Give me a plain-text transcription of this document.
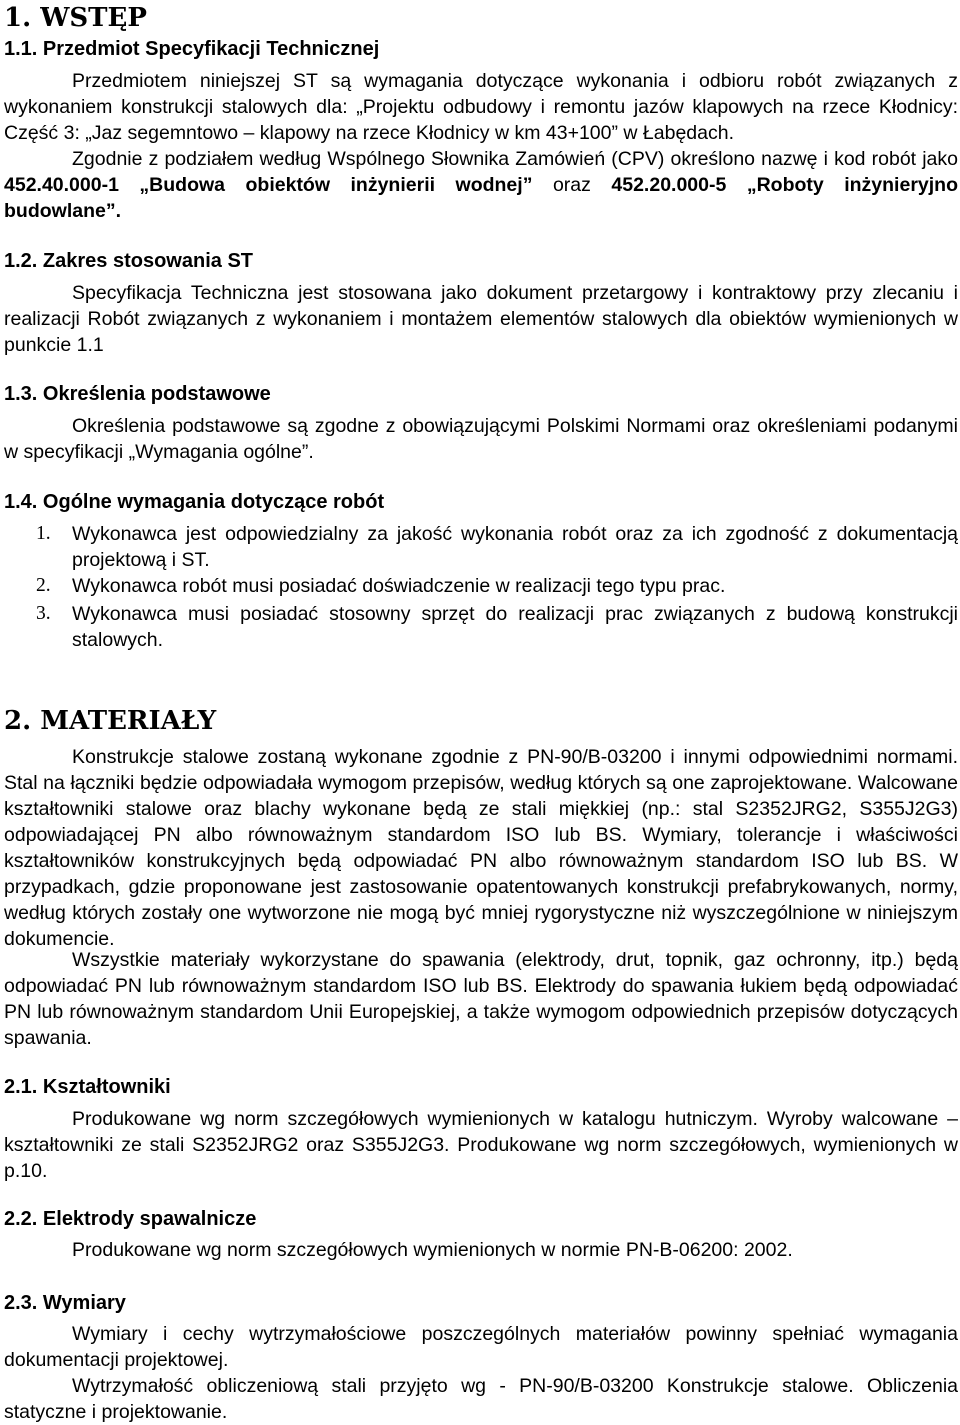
1. WSTĘP
1.1. Przedmiot Specyfikacji Technicznej

Przedmiotem niniejszej ST są wymagania dotyczące wykonania i odbioru robót związanych z wykonaniem konstrukcji stalowych dla: „Projektu odbudowy i remontu jazów klapowych na rzece Kłodnicy: Część 3: „Jaz segemntowo – klapowy na rzece Kłodnicy w km 43+100” w Łabędach.

Zgodnie z podziałem według Wspólnego Słownika Zamówień (CPV) określono nazwę i kod robót jako 452.40.000-1 „Budowa obiektów inżynierii wodnej” oraz 452.20.000-5 „Roboty inżynieryjno budowlane”.

1.2. Zakres stosowania ST

Specyfikacja Techniczna jest stosowana jako dokument przetargowy i kontraktowy przy zlecaniu i realizacji Robót związanych z wykonaniem i montażem elementów stalowych dla obiektów wymienionych w punkcie 1.1

1.3. Określenia podstawowe

Określenia podstawowe są zgodne z obowiązującymi Polskimi Normami oraz określeniami podanymi w specyfikacji „Wymagania ogólne”.

1.4. Ogólne wymagania dotyczące robót
1. Wykonawca jest odpowiedzialny za jakość wykonania robót oraz za ich zgodność z dokumentacją projektową i ST.
2. Wykonawca robót musi posiadać doświadczenie w realizacji tego typu prac.
3. Wykonawca musi posiadać stosowny sprzęt do realizacji prac związanych z budową konstrukcji stalowych.
2. MATERIAŁY

Konstrukcje stalowe zostaną wykonane zgodnie z PN-90/B-03200 i innymi odpowiednimi normami. Stal na łączniki będzie odpowiadała wymogom przepisów, według których są one zaprojektowane. Walcowane kształtowniki stalowe oraz blachy wykonane będą ze stali miękkiej (np.: stal S2352JRG2, S355J2G3) odpowiadającej PN albo równoważnym standardom ISO lub BS. Wymiary, tolerancje i właściwości kształtowników konstrukcyjnych będą odpowiadać PN albo równoważnym standardom ISO lub BS. W przypadkach, gdzie proponowane jest zastosowanie opatentowanych konstrukcji prefabrykowanych, normy, według których zostały one wytworzone nie mogą być mniej rygorystyczne niż wyszczególnione w niniejszym dokumencie.

Wszystkie materiały wykorzystane do spawania (elektrody, drut, topnik, gaz ochronny, itp.) będą odpowiadać PN lub równoważnym standardom ISO lub BS. Elektrody do spawania łukiem będą odpowiadać PN lub równoważnym standardom Unii Europejskiej, a także wymogom odpowiednich przepisów dotyczących spawania.

2.1. Kształtowniki

Produkowane wg norm szczegółowych wymienionych w katalogu hutniczym. Wyroby walcowane – kształtowniki ze stali S2352JRG2 oraz S355J2G3. Produkowane wg norm szczegółowych, wymienionych w p.10.

2.2. Elektrody spawalnicze

Produkowane wg norm szczegółowych wymienionych w normie PN-B-06200: 2002.

2.3. Wymiary

Wymiary i cechy wytrzymałościowe poszczególnych materiałów powinny spełniać wymagania dokumentacji projektowej.

Wytrzymałość obliczeniową stali przyjęto wg - PN-90/B-03200 Konstrukcje stalowe. Obliczenia statyczne i projektowanie.
